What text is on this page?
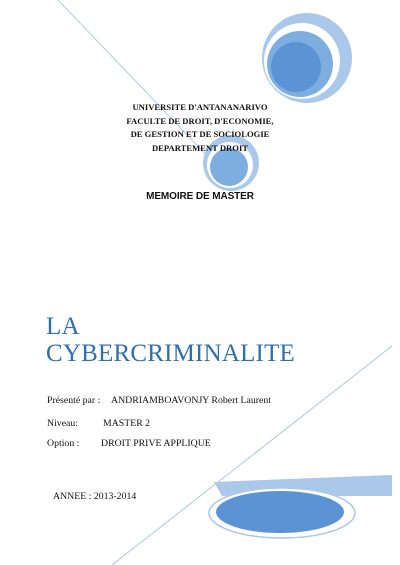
UNIVERSITE D'ANTANANARIVO
FACULTE DE DROIT, D'ECONOMIE,
DE GESTION ET DE SOCIOLOGIE
DEPARTEMENT DROIT
MEMOIRE DE MASTER
LA
CYBERCRIMINALITE
Présenté par : ANDRIAMBOAVONJY Robert Laurent
Niveau:	MASTER 2
Option : DROIT PRIVE APPLIQUE
ANNEE : 2013-2014
